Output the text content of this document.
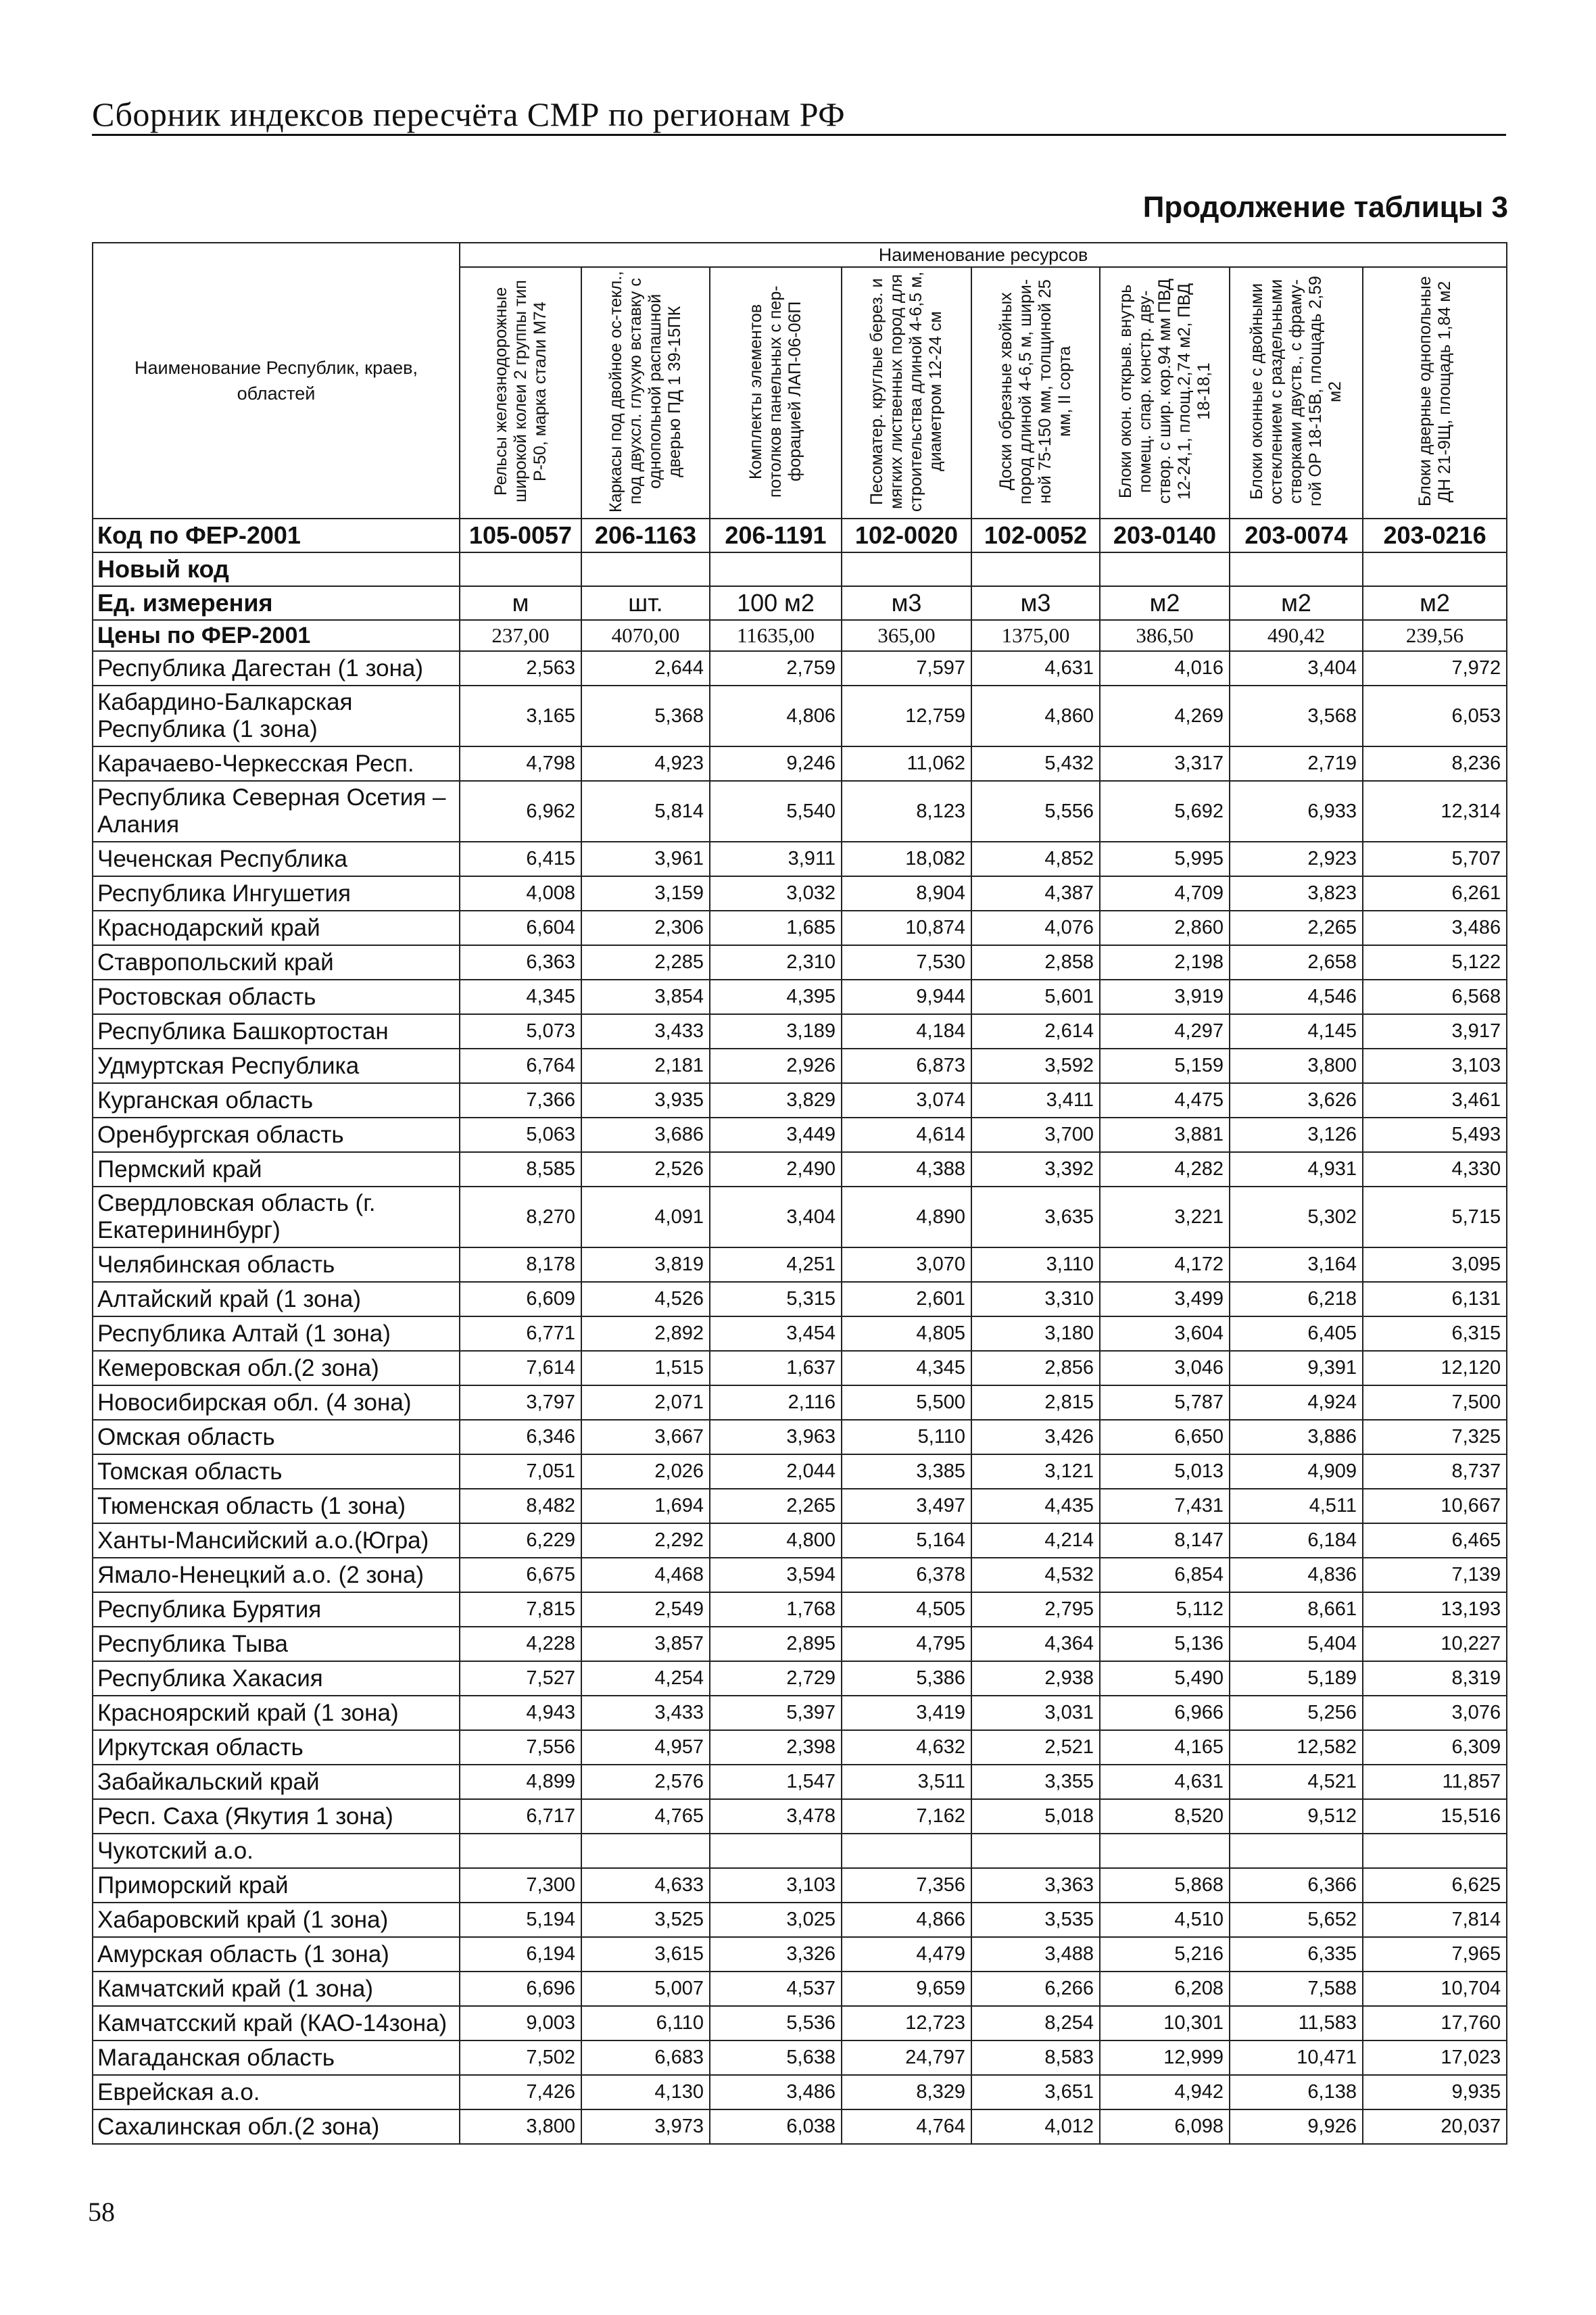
Сборник индексов пересчёта СМР по регионам РФ
Продолжение таблицы 3
Наименование Республик, краев, областей	Наименование ресурсов							
	Рельсы железнодорожные широкой колеи 2 группы тип Р-50, марка стали М74	Каркасы под двойное ос-текл., под двухсл. глухую вставку с однопольной распашной дверью ПД 1 39-15ПК	Комплекты элементов потолков панельных с пер-форацией ЛАП-06-06П	Песоматер. круглые берез. и мягких лиственных пород для строительства длиной 4-6,5 м, диаметром 12-24 см	Доски обрезные хвойных пород длиной 4-6,5 м, шири-ной 75-150 мм, толщиной 25 мм, II сорта	Блоки окон. открыв. внутрь помещ. спар. констр. дву-створ. с шир. кор.94 мм ПВД 12-24,1, площ.2,74 м2, ПВД 18-18,1	Блоки оконные с двойными остеклением с раздельными створками двуств., с фраму-гой ОР 18-15В, площадь 2,59 м2	Блоки дверные однопольные ДН 21-9Щ, площадь 1,84 м2
Код по ФЕР-2001	105-0057	206-1163	206-1191	102-0020	102-0052	203-0140	203-0074	203-0216
Новый код								
Ед. измерения	м	шт.	100 м2	м3	м3	м2	м2	м2
Цены по ФЕР-2001	237,00	4070,00	11635,00	365,00	1375,00	386,50	490,42	239,56
Республика Дагестан (1 зона)	2,563	2,644	2,759	7,597	4,631	4,016	3,404	7,972
Кабардино-Балкарская Республика (1 зона)	3,165	5,368	4,806	12,759	4,860	4,269	3,568	6,053
Карачаево-Черкесская Респ.	4,798	4,923	9,246	11,062	5,432	3,317	2,719	8,236
Республика Северная Осетия – Алания	6,962	5,814	5,540	8,123	5,556	5,692	6,933	12,314
Чеченская Республика	6,415	3,961	3,911	18,082	4,852	5,995	2,923	5,707
Республика Ингушетия	4,008	3,159	3,032	8,904	4,387	4,709	3,823	6,261
Краснодарский край	6,604	2,306	1,685	10,874	4,076	2,860	2,265	3,486
Ставропольский край	6,363	2,285	2,310	7,530	2,858	2,198	2,658	5,122
Ростовская область	4,345	3,854	4,395	9,944	5,601	3,919	4,546	6,568
Республика Башкортостан	5,073	3,433	3,189	4,184	2,614	4,297	4,145	3,917
Удмуртская Республика	6,764	2,181	2,926	6,873	3,592	5,159	3,800	3,103
Курганская область	7,366	3,935	3,829	3,074	3,411	4,475	3,626	3,461
Оренбургская область	5,063	3,686	3,449	4,614	3,700	3,881	3,126	5,493
Пермский край	8,585	2,526	2,490	4,388	3,392	4,282	4,931	4,330
Свердловская область (г. Екатерининбург)	8,270	4,091	3,404	4,890	3,635	3,221	5,302	5,715
Челябинская область	8,178	3,819	4,251	3,070	3,110	4,172	3,164	3,095
Алтайский край (1 зона)	6,609	4,526	5,315	2,601	3,310	3,499	6,218	6,131
Республика Алтай (1 зона)	6,771	2,892	3,454	4,805	3,180	3,604	6,405	6,315
Кемеровская обл.(2 зона)	7,614	1,515	1,637	4,345	2,856	3,046	9,391	12,120
Новосибирская обл. (4 зона)	3,797	2,071	2,116	5,500	2,815	5,787	4,924	7,500
Омская область	6,346	3,667	3,963	5,110	3,426	6,650	3,886	7,325
Томская область	7,051	2,026	2,044	3,385	3,121	5,013	4,909	8,737
Тюменская область (1 зона)	8,482	1,694	2,265	3,497	4,435	7,431	4,511	10,667
Ханты-Мансийский а.о.(Югра)	6,229	2,292	4,800	5,164	4,214	8,147	6,184	6,465
Ямало-Ненецкий а.о. (2 зона)	6,675	4,468	3,594	6,378	4,532	6,854	4,836	7,139
Республика Бурятия	7,815	2,549	1,768	4,505	2,795	5,112	8,661	13,193
Республика Тыва	4,228	3,857	2,895	4,795	4,364	5,136	5,404	10,227
Республика Хакасия	7,527	4,254	2,729	5,386	2,938	5,490	5,189	8,319
Красноярский край (1 зона)	4,943	3,433	5,397	3,419	3,031	6,966	5,256	3,076
Иркутская область	7,556	4,957	2,398	4,632	2,521	4,165	12,582	6,309
Забайкальский край	4,899	2,576	1,547	3,511	3,355	4,631	4,521	11,857
Респ. Саха (Якутия 1 зона)	6,717	4,765	3,478	7,162	5,018	8,520	9,512	15,516
Чукотский а.о.								
Приморский край	7,300	4,633	3,103	7,356	3,363	5,868	6,366	6,625
Хабаровский край (1 зона)	5,194	3,525	3,025	4,866	3,535	4,510	5,652	7,814
Амурская область (1 зона)	6,194	3,615	3,326	4,479	3,488	5,216	6,335	7,965
Камчатский край (1 зона)	6,696	5,007	4,537	9,659	6,266	6,208	7,588	10,704
Камчатсский край (КАО-14зона)	9,003	6,110	5,536	12,723	8,254	10,301	11,583	17,760
Магаданская область	7,502	6,683	5,638	24,797	8,583	12,999	10,471	17,023
Еврейская а.о.	7,426	4,130	3,486	8,329	3,651	4,942	6,138	9,935
Сахалинская обл.(2 зона)	3,800	3,973	6,038	4,764	4,012	6,098	9,926	20,037
58
